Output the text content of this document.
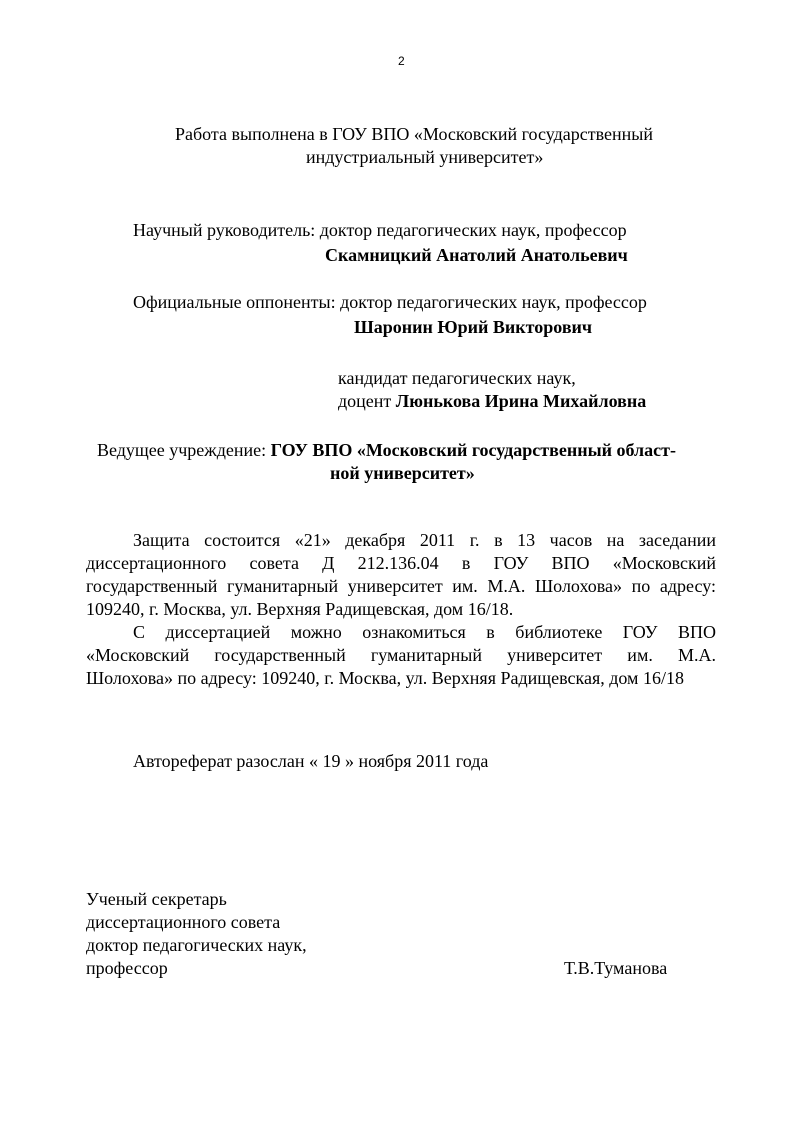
2
Работа выполнена в ГОУ ВПО «Московский государственный
индустриальный университет»
Научный руководитель: доктор педагогических наук, профессор
Скамницкий Анатолий Анатольевич
Официальные оппоненты: доктор педагогических наук, профессор
Шаронин Юрий Викторович
кандидат педагогических наук,
доцент Люнькова Ирина Михайловна
Ведущее учреждение: ГОУ ВПО «Московский государственный област-
ной университет»
Защита состоится «21» декабря 2011 г. в 13 часов на заседании
диссертационного совета Д 212.136.04 в ГОУ ВПО «Московский
государственный гуманитарный университет им. М.А. Шолохова» по адресу:
109240, г. Москва, ул. Верхняя Радищевская, дом 16/18.
С диссертацией можно ознакомиться в библиотеке ГОУ ВПО
«Московский государственный гуманитарный университет им. М.А.
Шолохова» по адресу: 109240, г. Москва, ул. Верхняя Радищевская, дом 16/18
Автореферат разослан « 19 » ноября 2011 года
Ученый секретарь
диссертационного совета
доктор педагогических наук,
профессор	Т.В.Туманова
